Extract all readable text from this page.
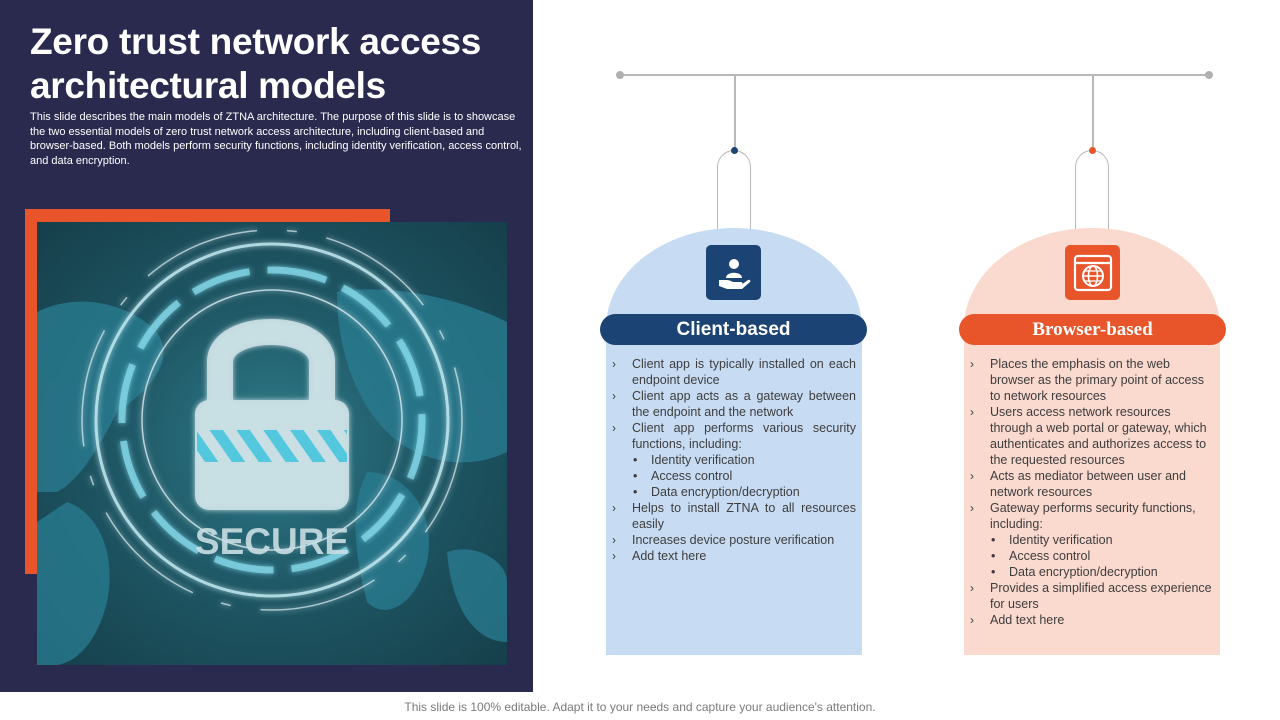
Zero trust network access architectural models

This slide describes the main models of ZTNA architecture. The purpose of this slide is to showcase the two essential models of zero trust network access architecture, including client-based and browser-based. Both models perform security functions, including identity verification, access control, and data encryption.

SECURE
Client-based	Browser-based
› Client app is typically installed on each endpoint device
› Client app acts as a gateway between the endpoint and the network
› Client app performs various security functions, including:
• Identity verification
• Access control
• Data encryption/decryption
› Helps to install ZTNA to all resources easily
› Increases device posture verification
› Add text here
› Places the emphasis on the web browser as the primary point of access to network resources
› Users access network resources through a web portal or gateway, which authenticates and authorizes access to the requested resources
› Acts as mediator between user and network resources
› Gateway performs security functions, including:
• Identity verification
• Access control
• Data encryption/decryption
› Provides a simplified access experience for users
› Add text here
This slide is 100% editable. Adapt it to your needs and capture your audience's attention.
